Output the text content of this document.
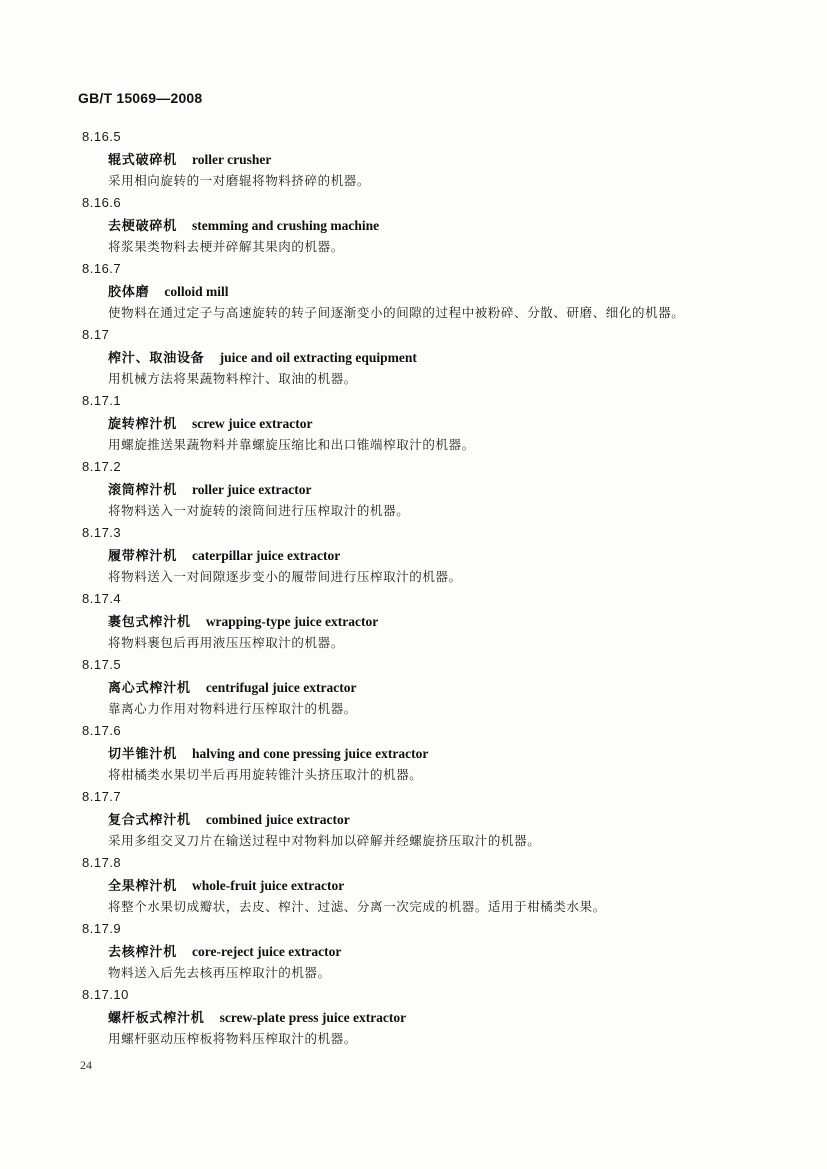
GB/T 15069—2008
8.16.5
辊式破碎机 roller crusher
采用相向旋转的一对磨辊将物料挤碎的机器。
8.16.6
去梗破碎机 stemming and crushing machine
将浆果类物料去梗并碎解其果肉的机器。
8.16.7
胶体磨 colloid mill
使物料在通过定子与高速旋转的转子间逐渐变小的间隙的过程中被粉碎、分散、研磨、细化的机器。
8.17
榨汁、取油设备 juice and oil extracting equipment
用机械方法将果蔬物料榨汁、取油的机器。
8.17.1
旋转榨汁机 screw juice extractor
用螺旋推送果蔬物料并靠螺旋压缩比和出口锥端榨取汁的机器。
8.17.2
滚筒榨汁机 roller juice extractor
将物料送入一对旋转的滚筒间进行压榨取汁的机器。
8.17.3
履带榨汁机 caterpillar juice extractor
将物料送入一对间隙逐步变小的履带间进行压榨取汁的机器。
8.17.4
裹包式榨汁机 wrapping-type juice extractor
将物料裹包后再用液压压榨取汁的机器。
8.17.5
离心式榨汁机 centrifugal juice extractor
靠离心力作用对物料进行压榨取汁的机器。
8.17.6
切半锥汁机 halving and cone pressing juice extractor
将柑橘类水果切半后再用旋转锥汁头挤压取汁的机器。
8.17.7
复合式榨汁机 combined juice extractor
采用多组交叉刀片在输送过程中对物料加以碎解并经螺旋挤压取汁的机器。
8.17.8
全果榨汁机 whole-fruit juice extractor
将整个水果切成瓣状，去皮、榨汁、过滤、分离一次完成的机器。适用于柑橘类水果。
8.17.9
去核榨汁机 core-reject juice extractor
物料送入后先去核再压榨取汁的机器。
8.17.10
螺杆板式榨汁机 screw-plate press juice extractor
用螺杆驱动压榨板将物料压榨取汁的机器。
24
